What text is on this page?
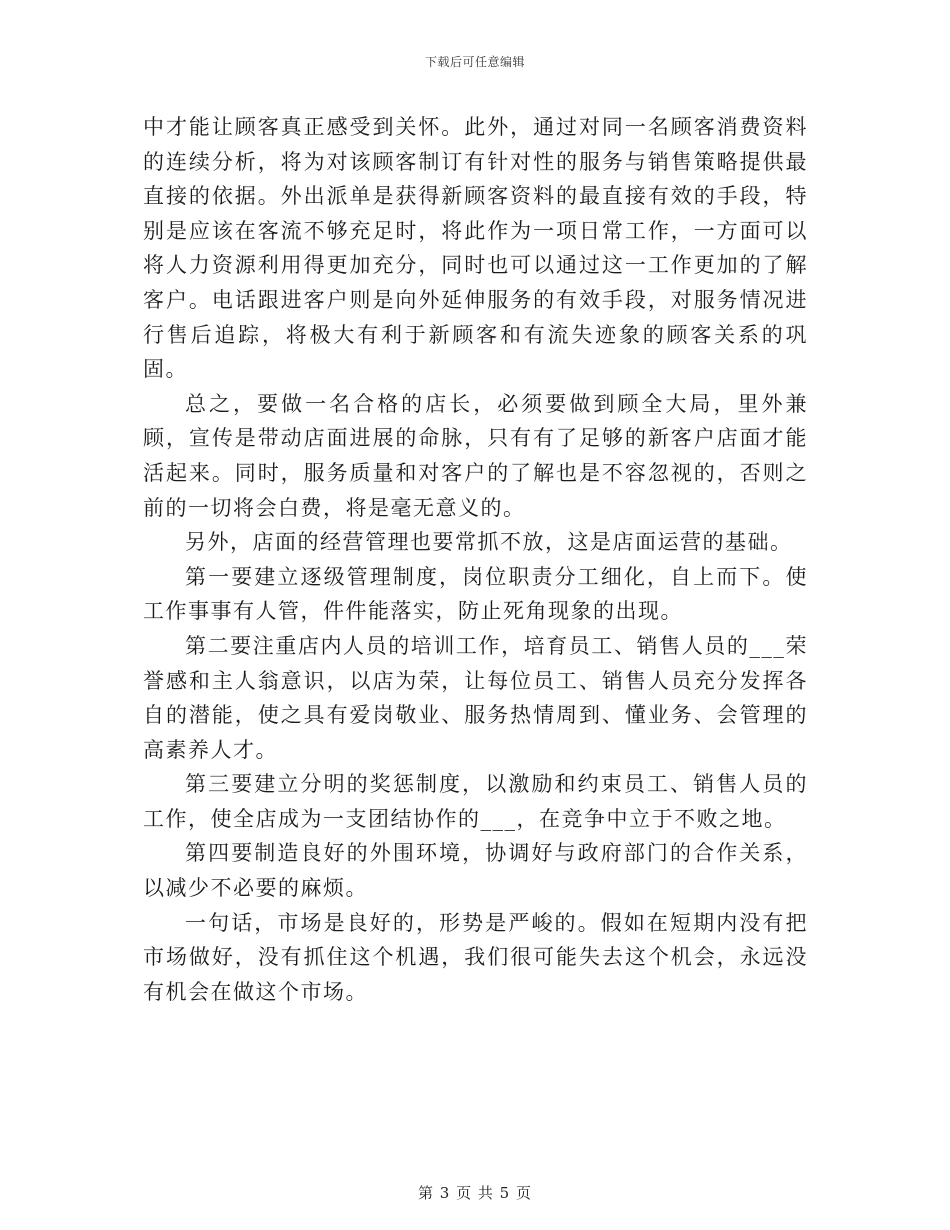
下载后可任意编辑

中才能让顾客真正感受到关怀。此外，通过对同一名顾客消费资料的连续分析，将为对该顾客制订有针对性的服务与销售策略提供最直接的依据。外出派单是获得新顾客资料的最直接有效的手段，特别是应该在客流不够充足时，将此作为一项日常工作，一方面可以将人力资源利用得更加充分，同时也可以通过这一工作更加的了解客户。电话跟进客户则是向外延伸服务的有效手段，对服务情况进行售后追踪，将极大有利于新顾客和有流失迹象的顾客关系的巩固。

总之，要做一名合格的店长，必须要做到顾全大局，里外兼顾，宣传是带动店面进展的命脉，只有有了足够的新客户店面才能活起来。同时，服务质量和对客户的了解也是不容忽视的，否则之前的一切将会白费，将是毫无意义的。

另外，店面的经营管理也要常抓不放，这是店面运营的基础。

第一要建立逐级管理制度，岗位职责分工细化，自上而下。使工作事事有人管，件件能落实，防止死角现象的出现。

第二要注重店内人员的培训工作，培育员工、销售人员的___荣誉感和主人翁意识，以店为荣，让每位员工、销售人员充分发挥各自的潜能，使之具有爱岗敬业、服务热情周到、懂业务、会管理的高素养人才。

第三要建立分明的奖惩制度，以激励和约束员工、销售人员的工作，使全店成为一支团结协作的___，在竞争中立于不败之地。

第四要制造良好的外围环境，协调好与政府部门的合作关系，以减少不必要的麻烦。

一句话，市场是良好的，形势是严峻的。假如在短期内没有把市场做好，没有抓住这个机遇，我们很可能失去这个机会，永远没有机会在做这个市场。

第 3 页 共 5 页
